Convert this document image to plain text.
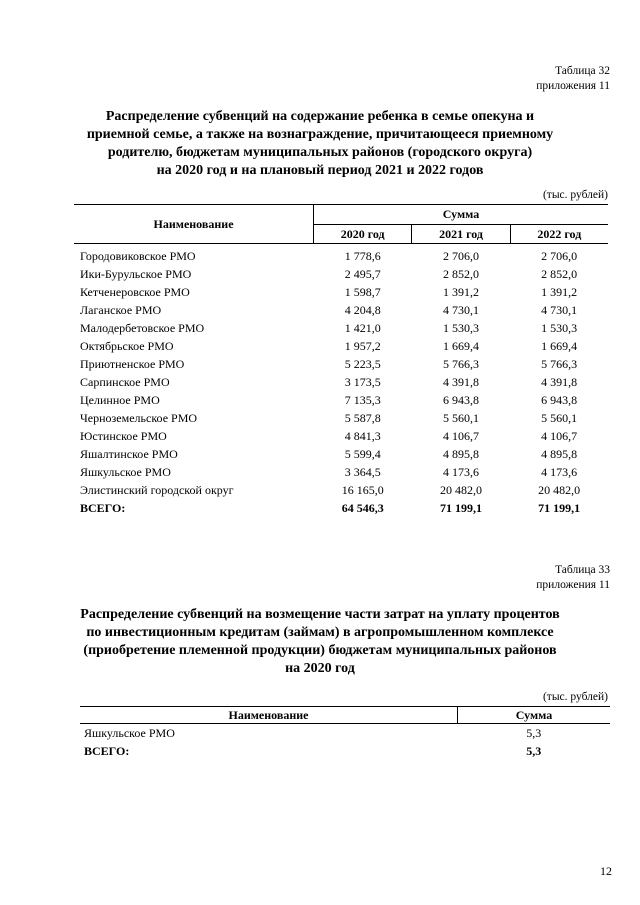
Таблица 32
приложения 11
Распределение субвенций на содержание ребенка в семье опекуна и
приемной семье, а также на вознаграждение, причитающееся приемному
родителю, бюджетам муниципальных районов (городского округа)
на 2020 год и на плановый период 2021 и 2022 годов
(тыс. рублей)
Наименование	Сумма		
	2020 год	2021 год	2022 год
Городовиковское РМО	1 778,6	2 706,0	2 706,0
Ики-Бурульское РМО	2 495,7	2 852,0	2 852,0
Кетченеровское РМО	1 598,7	1 391,2	1 391,2
Лаганское РМО	4 204,8	4 730,1	4 730,1
Малодербетовское РМО	1 421,0	1 530,3	1 530,3
Октябрьское РМО	1 957,2	1 669,4	1 669,4
Приютненское РМО	5 223,5	5 766,3	5 766,3
Сарпинское РМО	3 173,5	4 391,8	4 391,8
Целинное РМО	7 135,3	6 943,8	6 943,8
Черноземельское РМО	5 587,8	5 560,1	5 560,1
Юстинское РМО	4 841,3	4 106,7	4 106,7
Яшалтинское РМО	5 599,4	4 895,8	4 895,8
Яшкульское РМО	3 364,5	4 173,6	4 173,6
Элистинский городской округ	16 165,0	20 482,0	20 482,0
ВСЕГО:	64 546,3	71 199,1	71 199,1
Таблица 33
приложения 11
Распределение субвенций на возмещение части затрат на уплату процентов
по инвестиционным кредитам (займам) в агропромышленном комплексе
(приобретение племенной продукции) бюджетам муниципальных районов
на 2020 год
(тыс. рублей)
Наименование	Сумма
Яшкульское РМО	5,3
ВСЕГО:	5,3
12
